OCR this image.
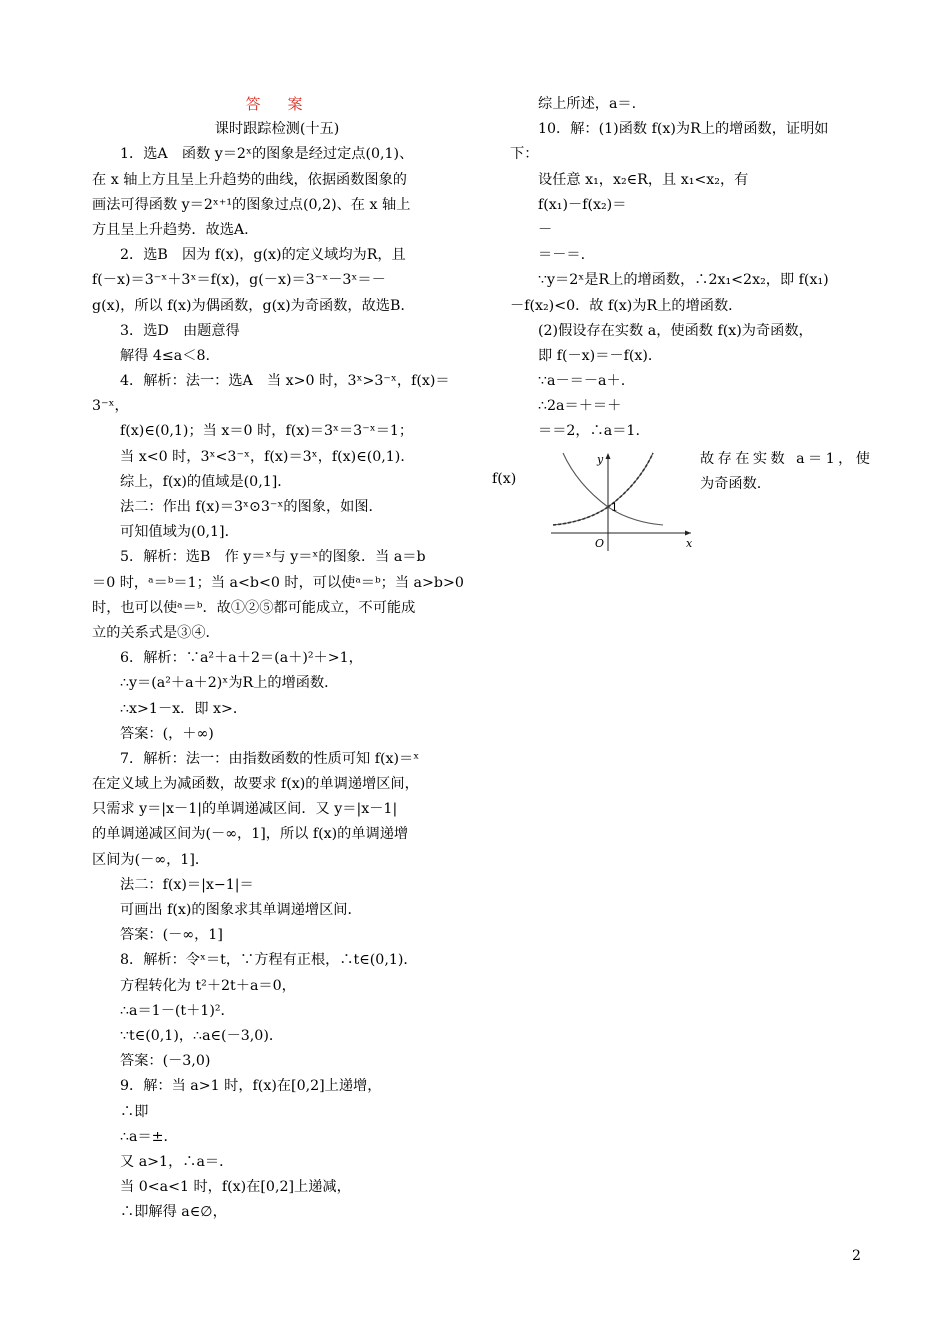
答　案
课时跟踪检测(十五)
1．选A　函数 y＝2ˣ的图象是经过定点(0,1)、
在 x 轴上方且呈上升趋势的曲线，依据函数图象的
画法可得函数 y＝2ˣ⁺¹的图象过点(0,2)、在 x 轴上
方且呈上升趋势．故选A.
2．选B　因为 f(x)，g(x)的定义域均为R，且
f(－x)＝3⁻ˣ＋3ˣ＝f(x)，g(－x)＝3⁻ˣ－3ˣ＝－
g(x)，所以 f(x)为偶函数，g(x)为奇函数，故选B.
3．选D　由题意得
解得 4≤a＜8.
4．解析：法一：选A　当 x>0 时，3ˣ>3⁻ˣ，f(x)＝
3⁻ˣ，
f(x)∈(0,1)；当 x＝0 时，f(x)＝3ˣ＝3⁻ˣ＝1；
当 x<0 时，3ˣ<3⁻ˣ，f(x)＝3ˣ，f(x)∈(0,1)．
综上，f(x)的值域是(0,1]．
法二：作出 f(x)＝3ˣ⊙3⁻ˣ的图象，如图．
可知值域为(0,1]．
5．解析：选B　作 y＝ˣ与 y＝ˣ的图象．当 a＝b
＝0 时，ᵃ＝ᵇ＝1；当 a<b<0 时，可以使ᵃ＝ᵇ；当 a>b>0
时，也可以使ᵃ＝ᵇ．故①②⑤都可能成立，不可能成
立的关系式是③④．
6．解析：∵a²＋a＋2＝(a＋)²＋>1，
∴y＝(a²＋a＋2)ˣ为R上的增函数．
∴x>1－x．即 x>．
答案：(，＋∞)
7．解析：法一：由指数函数的性质可知 f(x)＝ˣ
在定义域上为减函数，故要求 f(x)的单调递增区间，
只需求 y＝|x－1|的单调递减区间．又 y＝|x－1|
的单调递减区间为(－∞，1]，所以 f(x)的单调递增
区间为(－∞，1]．
法二：f(x)＝|x−1|＝
可画出 f(x)的图象求其单调递增区间．
答案：(－∞，1]
8．解析：令ˣ＝t，∵方程有正根，∴t∈(0,1)．
方程转化为 t²＋2t＋a＝0，
∴a＝1－(t＋1)²．
∵t∈(0,1)，∴a∈(－3,0)．
答案：(－3,0)
9．解：当 a>1 时，f(x)在[0,2]上递增，
∴即
∴a＝±．
又 a>1，∴a＝．
当 0<a<1 时，f(x)在[0,2]上递减，
∴即解得 a∈∅，
综上所述，a＝.
10．解：(1)函数 f(x)为R上的增函数，证明如
下：
设任意 x₁，x₂∈R，且 x₁<x₂，有
f(x₁)－f(x₂)＝
－
＝－＝.
∵y＝2ˣ是R上的增函数，∴2x₁<2x₂，即 f(x₁)
－f(x₂)<0．故 f(x)为R上的增函数．
(2)假设存在实数 a，使函数 f(x)为奇函数，
即 f(－x)＝－f(x)．
∵a－＝－a＋.
∴2a＝＋＝＋
＝＝2，∴a＝1.
f(x)
y
x
O
1
故存在实数 a＝1，使
为奇函数.
2
